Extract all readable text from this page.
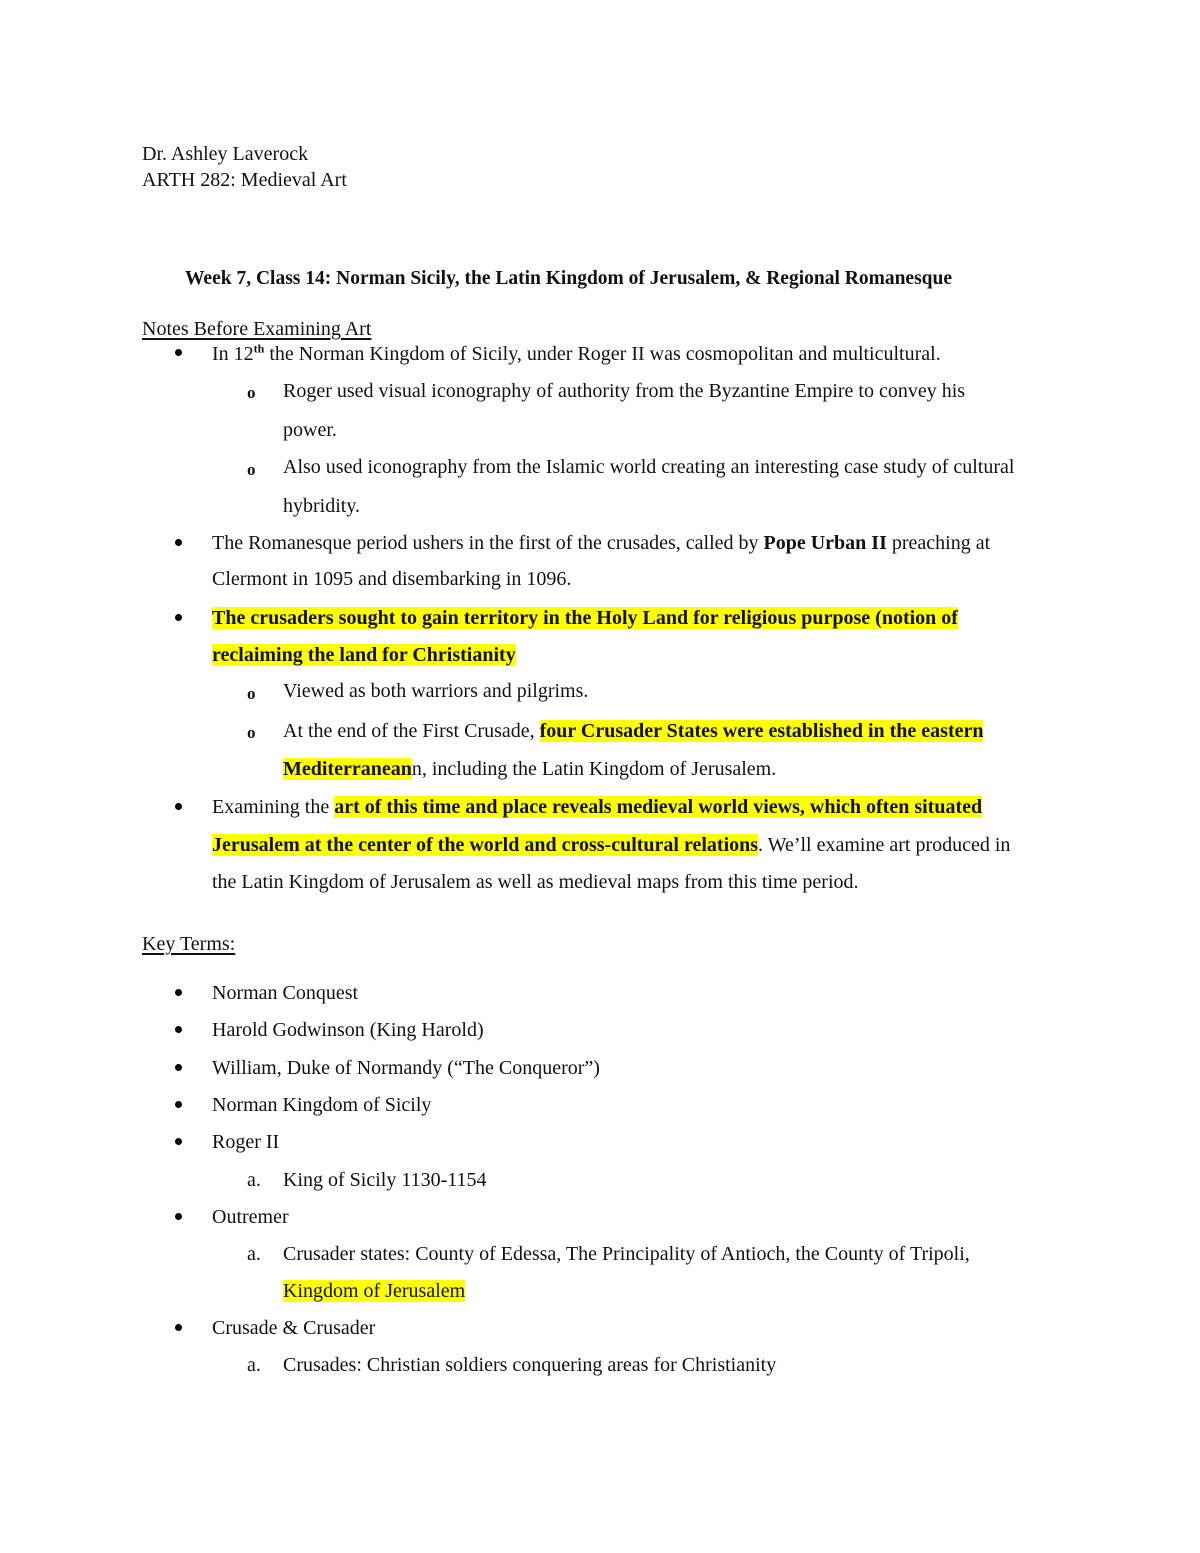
Dr. Ashley Laverock
ARTH 282: Medieval Art
Week 7, Class 14: Norman Sicily, the Latin Kingdom of Jerusalem, & Regional Romanesque
Notes Before Examining Art
In 12th the Norman Kingdom of Sicily, under Roger II was cosmopolitan and multicultural.
o Roger used visual iconography of authority from the Byzantine Empire to convey his
power.
o Also used iconography from the Islamic world creating an interesting case study of cultural
hybridity.
The Romanesque period ushers in the first of the crusades, called by Pope Urban II preaching at
Clermont in 1095 and disembarking in 1096.
The crusaders sought to gain territory in the Holy Land for religious purpose (notion of
reclaiming the land for Christianity
o Viewed as both warriors and pilgrims.
o At the end of the First Crusade, four Crusader States were established in the eastern
Mediterraneann, including the Latin Kingdom of Jerusalem.
Examining the art of this time and place reveals medieval world views, which often situated
Jerusalem at the center of the world and cross-cultural relations. We’ll examine art produced in
the Latin Kingdom of Jerusalem as well as medieval maps from this time period.
Key Terms:
Norman Conquest
Harold Godwinson (King Harold)
William, Duke of Normandy (“The Conqueror”)
Norman Kingdom of Sicily
Roger II
a. King of Sicily 1130-1154
Outremer
a. Crusader states: County of Edessa, The Principality of Antioch, the County of Tripoli,
Kingdom of Jerusalem
Crusade & Crusader
a. Crusades: Christian soldiers conquering areas for Christianity
